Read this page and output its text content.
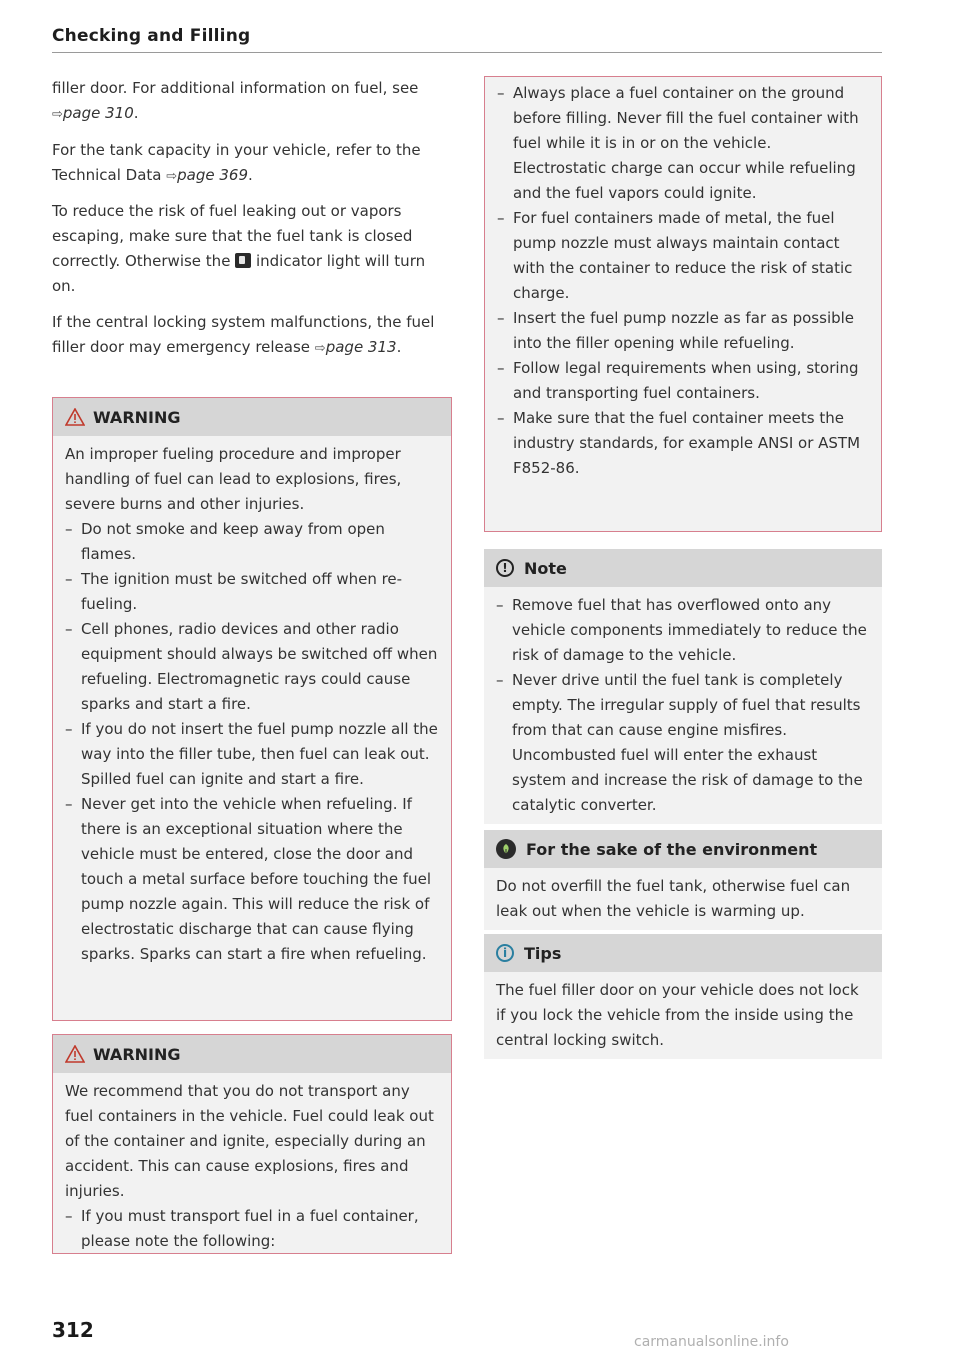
Checking and Filling

filler door. For additional information on fuel, see ⇨page 310.

For the tank capacity in your vehicle, refer to the Technical Data ⇨page 369.

To reduce the risk of fuel leaking out or vapors escaping, make sure that the fuel tank is closed correctly. Otherwise the  indicator light will turn on.

If the central locking system malfunctions, the fuel filler door may emergency release ⇨page 313.

WARNING

An improper fueling procedure and improper handling of fuel can lead to explosions, fires, severe burns and other injuries.

– Do not smoke and keep away from open flames.
– The ignition must be switched off when refueling.
– Cell phones, radio devices and other radio equipment should always be switched off when refueling. Electromagnetic rays could cause sparks and start a fire.
– If you do not insert the fuel pump nozzle all the way into the filler tube, then fuel can leak out. Spilled fuel can ignite and start a fire.
– Never get into the vehicle when refueling. If there is an exceptional situation where the vehicle must be entered, close the door and touch a metal surface before touching the fuel pump nozzle again. This will reduce the risk of electrostatic discharge that can cause flying sparks. Sparks can start a fire when refueling.
WARNING

We recommend that you do not transport any fuel containers in the vehicle. Fuel could leak out of the container and ignite, especially during an accident. This can cause explosions, fires and injuries.

– If you must transport fuel in a fuel container, please note the following:
– Always place a fuel container on the ground before filling. Never fill the fuel container with fuel while it is in or on the vehicle. Electrostatic charge can occur while refueling and the fuel vapors could ignite.
– For fuel containers made of metal, the fuel pump nozzle must always maintain contact with the container to reduce the risk of static charge.
– Insert the fuel pump nozzle as far as possible into the filler opening while refueling.
– Follow legal requirements when using, storing and transporting fuel containers.
– Make sure that the fuel container meets the industry standards, for example ANSI or ASTM F852-86.
!	Note
– Remove fuel that has overflowed onto any vehicle components immediately to reduce the risk of damage to the vehicle.
– Never drive until the fuel tank is completely empty. The irregular supply of fuel that results from that can cause engine misfires. Uncombusted fuel will enter the exhaust system and increase the risk of damage to the catalytic converter.
For the sake of the environment

Do not overfill the fuel tank, otherwise fuel can leak out when the vehicle is warming up.

i	Tips

The fuel filler door on your vehicle does not lock if you lock the vehicle from the inside using the central locking switch.

312	carmanualsonline.info
